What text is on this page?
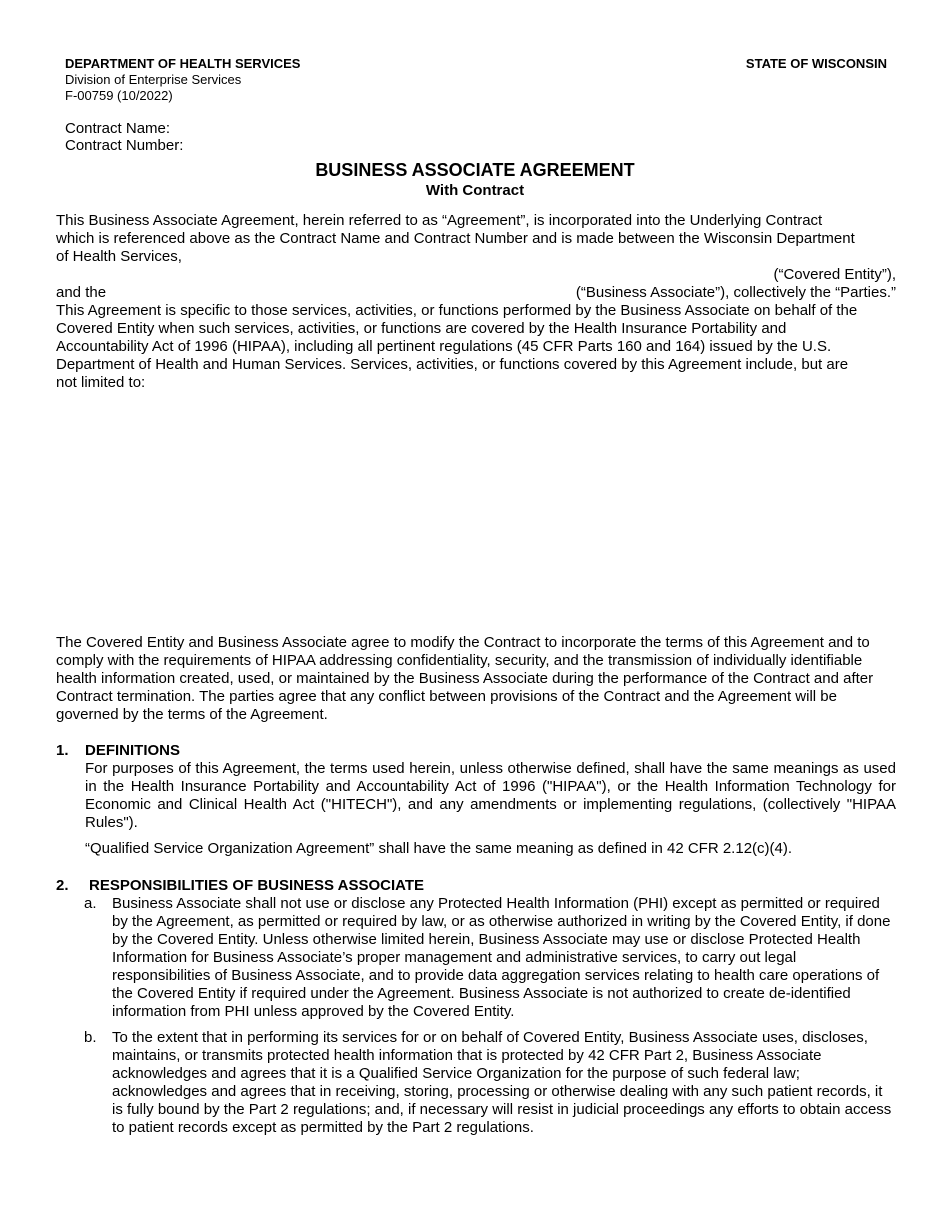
DEPARTMENT OF HEALTH SERVICES
Division of Enterprise Services
F-00759 (10/2022)
STATE OF WISCONSIN
Contract Name:
Contract Number:
BUSINESS ASSOCIATE AGREEMENT
With Contract
This Business Associate Agreement, herein referred to as “Agreement”, is incorporated into the Underlying Contract
which is referenced above as the Contract Name and Contract Number and is made between the Wisconsin Department
of Health Services,
(“Covered Entity”),
and the	(“Business Associate”), collectively the “Parties.”
This Agreement is specific to those services, activities, or functions performed by the Business Associate on behalf of the
Covered Entity when such services, activities, or functions are covered by the Health Insurance Portability and
Accountability Act of 1996 (HIPAA), including all pertinent regulations (45 CFR Parts 160 and 164) issued by the U.S.
Department of Health and Human Services. Services, activities, or functions covered by this Agreement include, but are
not limited to:
The Covered Entity and Business Associate agree to modify the Contract to incorporate the terms of this Agreement and to comply with the requirements of HIPAA addressing confidentiality, security, and the transmission of individually identifiable health information created, used, or maintained by the Business Associate during the performance of the Contract and after Contract termination. The parties agree that any conflict between provisions of the Contract and the Agreement will be governed by the terms of the Agreement.
1.	DEFINITIONS
For purposes of this Agreement, the terms used herein, unless otherwise defined, shall have the same meanings as used in the Health Insurance Portability and Accountability Act of 1996 ("HIPAA"), or the Health Information Technology for Economic and Clinical Health Act ("HITECH"), and any amendments or implementing regulations, (collectively "HIPAA Rules").
“Qualified Service Organization Agreement” shall have the same meaning as defined in 42 CFR 2.12(c)(4).
2.	RESPONSIBILITIES OF BUSINESS ASSOCIATE
a.	Business Associate shall not use or disclose any Protected Health Information (PHI) except as permitted or required by the Agreement, as permitted or required by law, or as otherwise authorized in writing by the Covered Entity, if done by the Covered Entity. Unless otherwise limited herein, Business Associate may use or disclose Protected Health Information for Business Associate’s proper management and administrative services, to carry out legal responsibilities of Business Associate, and to provide data aggregation services relating to health care operations of the Covered Entity if required under the Agreement. Business Associate is not authorized to create de-identified information from PHI unless approved by the Covered Entity.
b.	To the extent that in performing its services for or on behalf of Covered Entity, Business Associate uses, discloses, maintains, or transmits protected health information that is protected by 42 CFR Part 2, Business Associate acknowledges and agrees that it is a Qualified Service Organization for the purpose of such federal law; acknowledges and agrees that in receiving, storing, processing or otherwise dealing with any such patient records, it is fully bound by the Part 2 regulations; and, if necessary will resist in judicial proceedings any efforts to obtain access to patient records except as permitted by the Part 2 regulations.
